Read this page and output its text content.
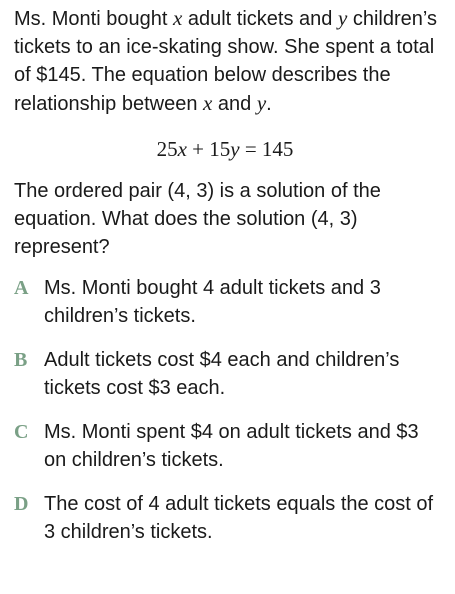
Ms. Monti bought x adult tickets and y children’s tickets to an ice-skating show. She spent a total of $145. The equation below describes the relationship between x and y.

25x + 15y = 145

The ordered pair (4, 3) is a solution of the equation. What does the solution (4, 3) represent?

A Ms. Monti bought 4 adult tickets and 3 children’s tickets.
B Adult tickets cost $4 each and children’s tickets cost $3 each.
C Ms. Monti spent $4 on adult tickets and $3 on children’s tickets.
D The cost of 4 adult tickets equals the cost of 3 children’s tickets.
